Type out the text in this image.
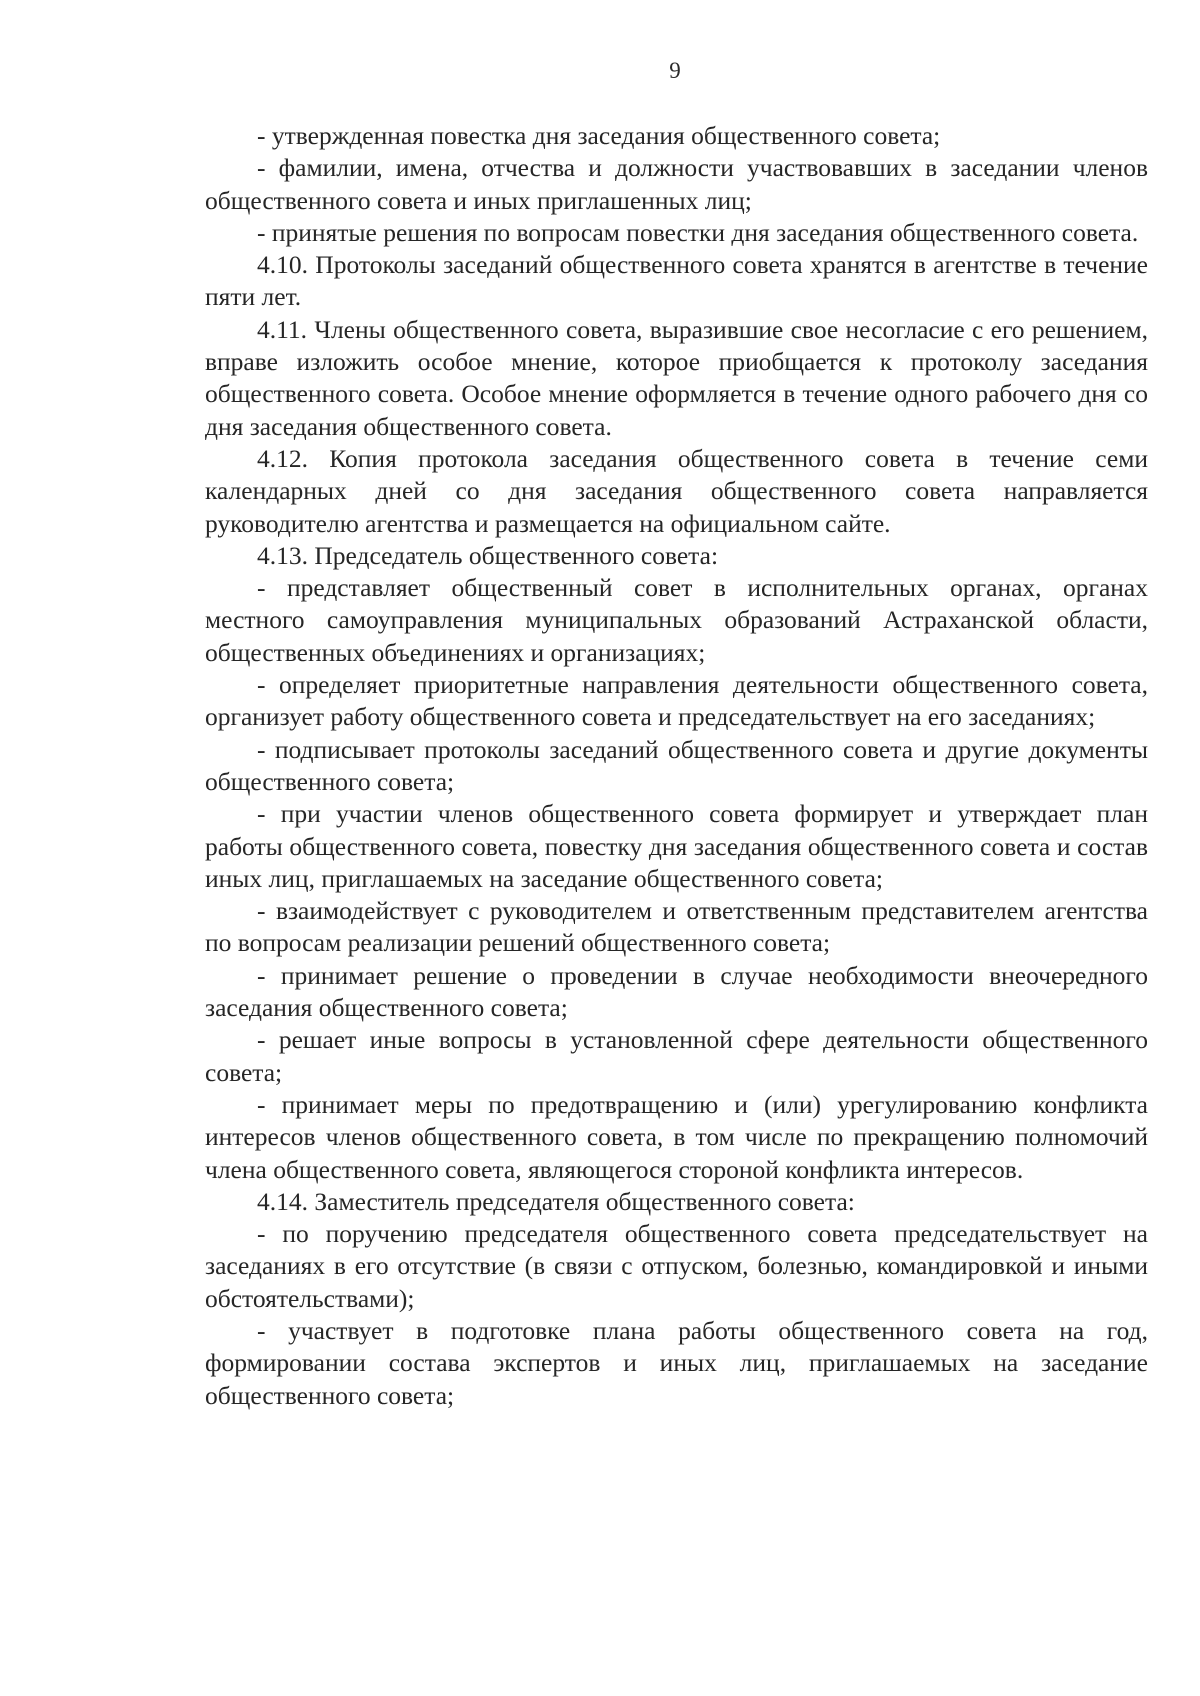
9

- утвержденная повестка дня заседания общественного совета;

- фамилии, имена, отчества и должности участвовавших в заседании членов общественного совета и иных приглашенных лиц;

- принятые решения по вопросам повестки дня заседания общественного совета.

4.10. Протоколы заседаний общественного совета хранятся в агентстве в течение пяти лет.

4.11. Члены общественного совета, выразившие свое несогласие с его решением, вправе изложить особое мнение, которое приобщается к протоколу заседания общественного совета. Особое мнение оформляется в течение одного рабочего дня со дня заседания общественного совета.

4.12. Копия протокола заседания общественного совета в течение семи календарных дней со дня заседания общественного совета направляется руководителю агентства и размещается на официальном сайте.

4.13. Председатель общественного совета:

- представляет общественный совет в исполнительных органах, органах местного самоуправления муниципальных образований Астраханской области, общественных объединениях и организациях;

- определяет приоритетные направления деятельности общественного совета, организует работу общественного совета и председательствует на его заседаниях;

- подписывает протоколы заседаний общественного совета и другие документы общественного совета;

- при участии членов общественного совета формирует и утверждает план работы общественного совета, повестку дня заседания общественного совета и состав иных лиц, приглашаемых на заседание общественного совета;

- взаимодействует с руководителем и ответственным представителем агентства по вопросам реализации решений общественного совета;

- принимает решение о проведении в случае необходимости внеочередного заседания общественного совета;

- решает иные вопросы в установленной сфере деятельности общественного совета;

- принимает меры по предотвращению и (или) урегулированию конфликта интересов членов общественного совета, в том числе по прекращению полномочий члена общественного совета, являющегося стороной конфликта интересов.

4.14. Заместитель председателя общественного совета:

- по поручению председателя общественного совета председательствует на заседаниях в его отсутствие (в связи с отпуском, болезнью, командировкой и иными обстоятельствами);

- участвует в подготовке плана работы общественного совета на год, формировании состава экспертов и иных лиц, приглашаемых на заседание общественного совета;
